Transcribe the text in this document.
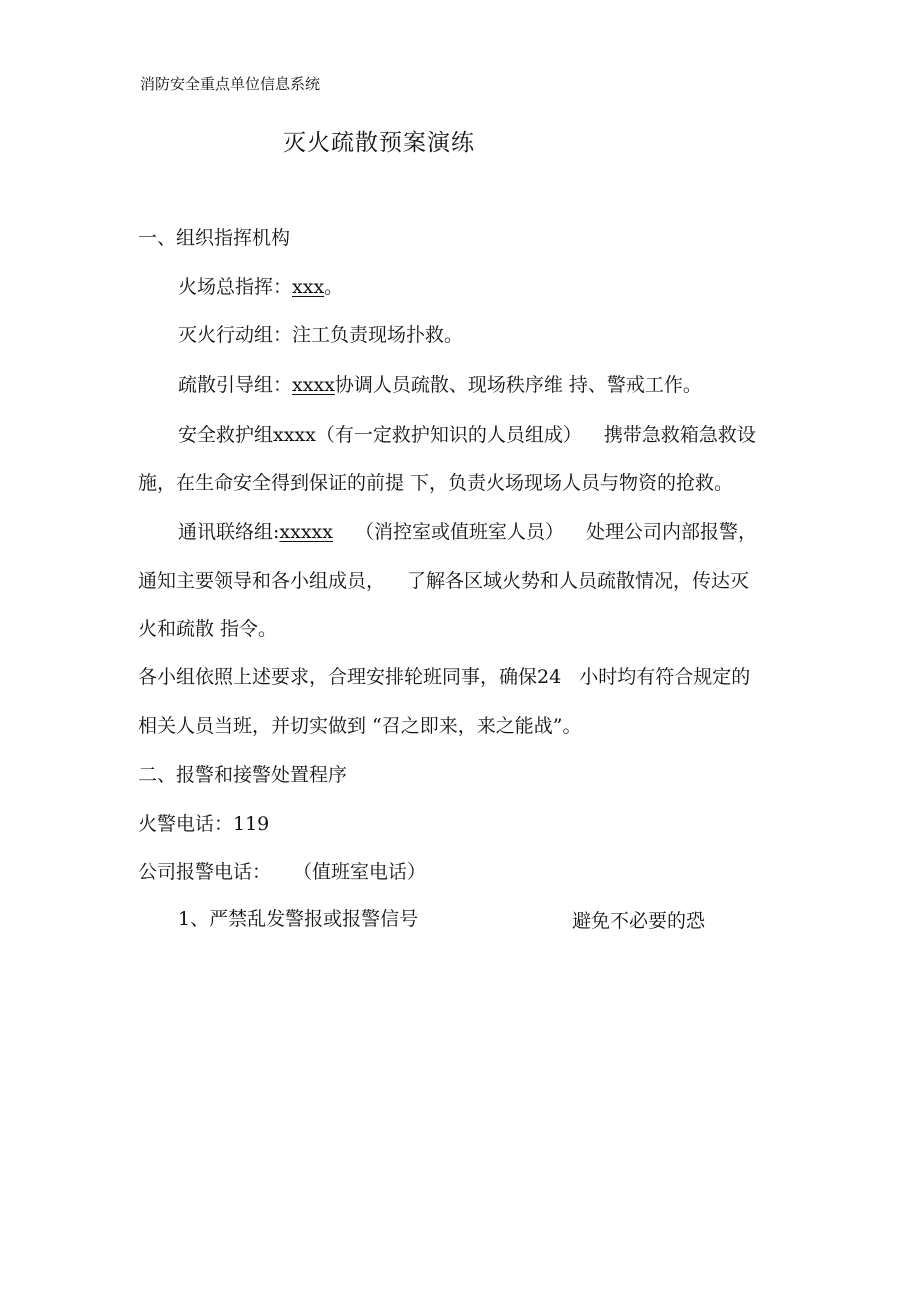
消防安全重点单位信息系统
灭火疏散预案演练
一、组织指挥机构
火场总指挥：xxx。
灭火行动组：注工负责现场扑救。
疏散引导组：xxxx协调人员疏散、现场秩序维 持、警戒工作。
安全救护组xxxx（有一定救护知识的人员组成） 携带急救箱急救设
施，在生命安全得到保证的前提 下，负责火场现场人员与物资的抢救。
通讯联络组:xxxxx （消控室或值班室人员） 处理公司内部报警，
通知主要领导和各小组成员， 了解各区域火势和人员疏散情况，传达灭
火和疏散 指令。
各小组依照上述要求，合理安排轮班同事，确保24 小时均有符合规定的
相关人员当班，并切实做到 “召之即来，来之能战”。
二、报警和接警处置程序
火警电话：119
公司报警电话： （值班室电话）
1、严禁乱发警报或报警信号	避免不必要的恐
